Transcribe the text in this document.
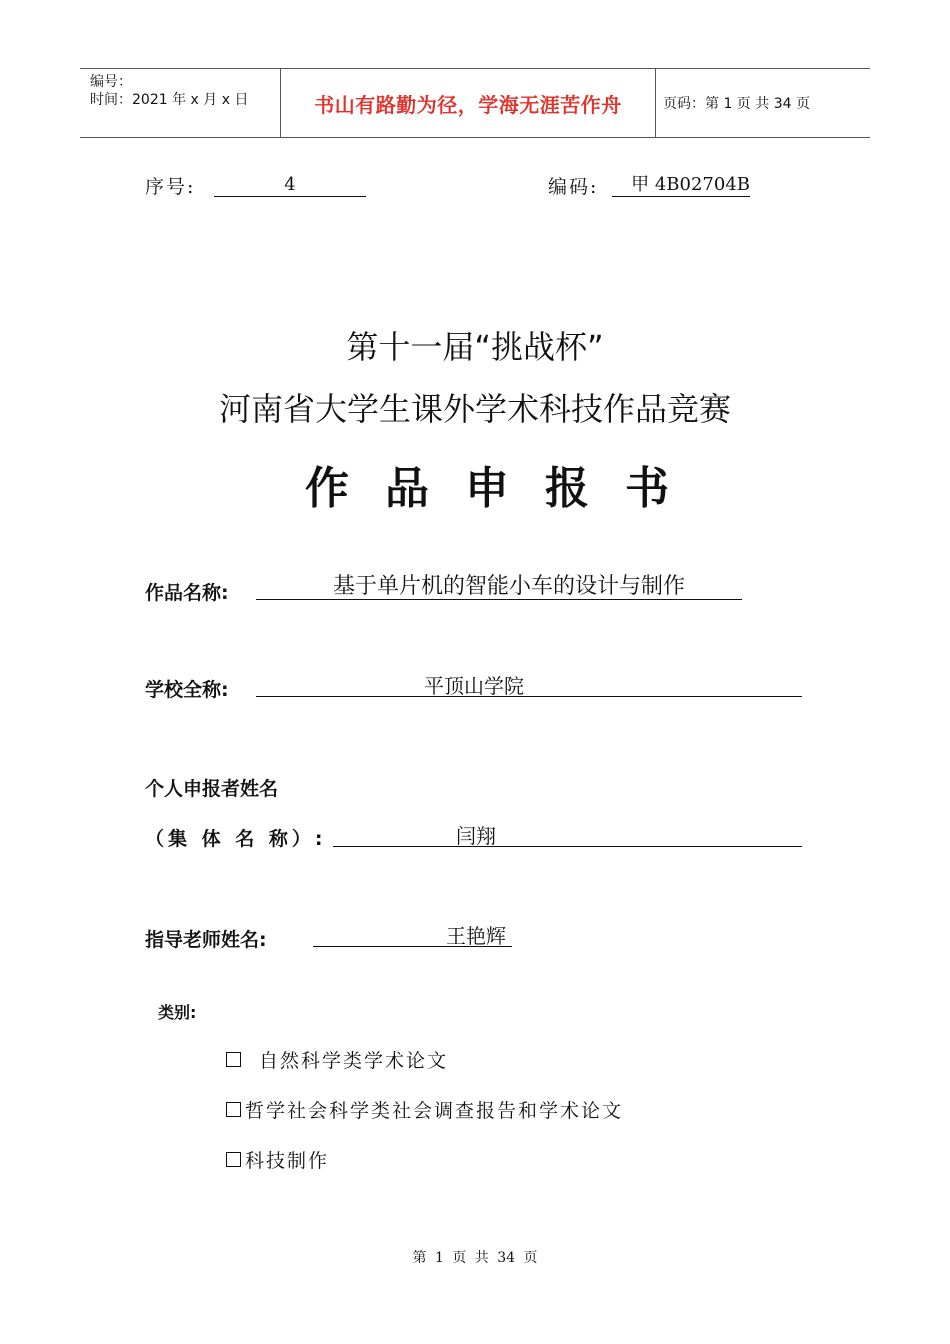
编号：
时间：2021 年 x 月 x 日	书山有路勤为径，学海无涯苦作舟	页码：第 1 页 共 34 页
序号:	4	编码:	甲 4B02704B
第十一届“挑战杯”
河南省大学生课外学术科技作品竞赛
作品申报书
作品名称:	基于单片机的智能小车的设计与制作
学校全称:	平顶山学院
个人申报者姓名
（集 体 名 称）:	闫翔
指导老师姓名:	王艳辉
类别:
自然科学类学术论文
哲学社会科学类社会调查报告和学术论文
科技制作
第 1 页 共 34 页
